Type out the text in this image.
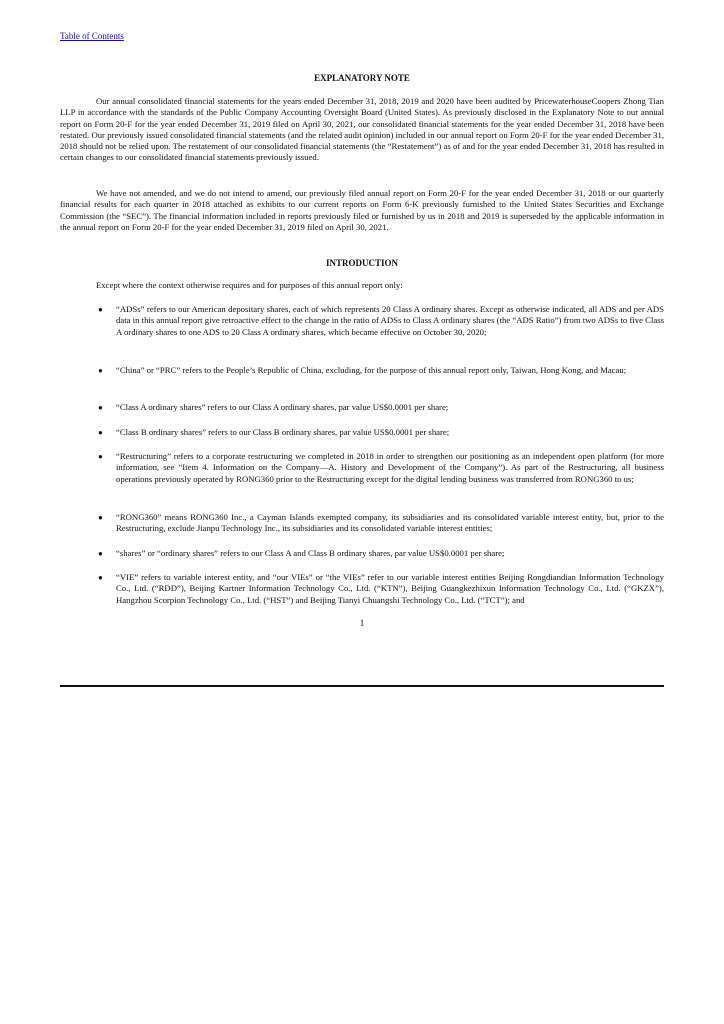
Table of Contents
EXPLANATORY NOTE

Our annual consolidated financial statements for the years ended December 31, 2018, 2019 and 2020 have been audited by PricewaterhouseCoopers Zhong Tian LLP in accordance with the standards of the Public Company Accounting Oversight Board (United States). As previously disclosed in the Explanatory Note to our annual report on Form 20-F for the year ended December 31, 2019 filed on April 30, 2021, our consolidated financial statements for the year ended December 31, 2018 have been restated. Our previously issued consolidated financial statements (and the related audit opinion) included in our annual report on Form 20-F for the year ended December 31, 2018 should not be relied upon. The restatement of our consolidated financial statements (the “Restatement”) as of and for the year ended December 31, 2018 has resulted in certain changes to our consolidated financial statements previously issued.

We have not amended, and we do not intend to amend, our previously filed annual report on Form 20-F for the year ended December 31, 2018 or our quarterly financial results for each quarter in 2018 attached as exhibits to our current reports on Form 6-K previously furnished to the United States Securities and Exchange Commission (the “SEC”). The financial information included in reports previously filed or furnished by us in 2018 and 2019 is superseded by the applicable information in the annual report on Form 20-F for the year ended December 31, 2019 filed on April 30, 2021.

INTRODUCTION
Except where the context otherwise requires and for purposes of this annual report only:
● “ADSs” refers to our American depositary shares, each of which represents 20 Class A ordinary shares. Except as otherwise indicated, all ADS and per ADS data in this annual report give retroactive effect to the change in the ratio of ADSs to Class A ordinary shares (the “ADS Ratio”) from two ADSs to five Class A ordinary shares to one ADS to 20 Class A ordinary shares, which became effective on October 30, 2020;

● “China” or “PRC” refers to the People’s Republic of China, excluding, for the purpose of this annual report only, Taiwan, Hong Kong, and Macau;

● “Class A ordinary shares” refers to our Class A ordinary shares, par value US$0.0001 per share;

● “Class B ordinary shares” refers to our Class B ordinary shares, par value US$0.0001 per share;

● “Restructuring” refers to a corporate restructuring we completed in 2018 in order to strengthen our positioning as an independent open platform (for more information, see “Item 4. Information on the Company—A. History and Development of the Company”). As part of the Restructuring, all business operations previously operated by RONG360 prior to the Restructuring except for the digital lending business was transferred from RONG360 to us;

● “RONG360” means RONG360 Inc., a Cayman Islands exempted company, its subsidiaries and its consolidated variable interest entity, but, prior to the Restructuring, exclude Jianpu Technology Inc., its subsidiaries and its consolidated variable interest entities;

● “shares” or “ordinary shares” refers to our Class A and Class B ordinary shares, par value US$0.0001 per share;

● “VIE” refers to variable interest entity, and “our VIEs” or “the VIEs” refer to our variable interest entities Beijing Rongdiandian Information Technology Co., Ltd. (“RDD”), Beijing Kartner Information Technology Co., Ltd. (“KTN”), Beijing Guangkezhixun Information Technology Co., Ltd. (“GKZX”), Hangzhou Scorpion Technology Co., Ltd. (“HST”) and Beijing Tianyi Chuangshi Technology Co., Ltd. (“TCT”); and

1
